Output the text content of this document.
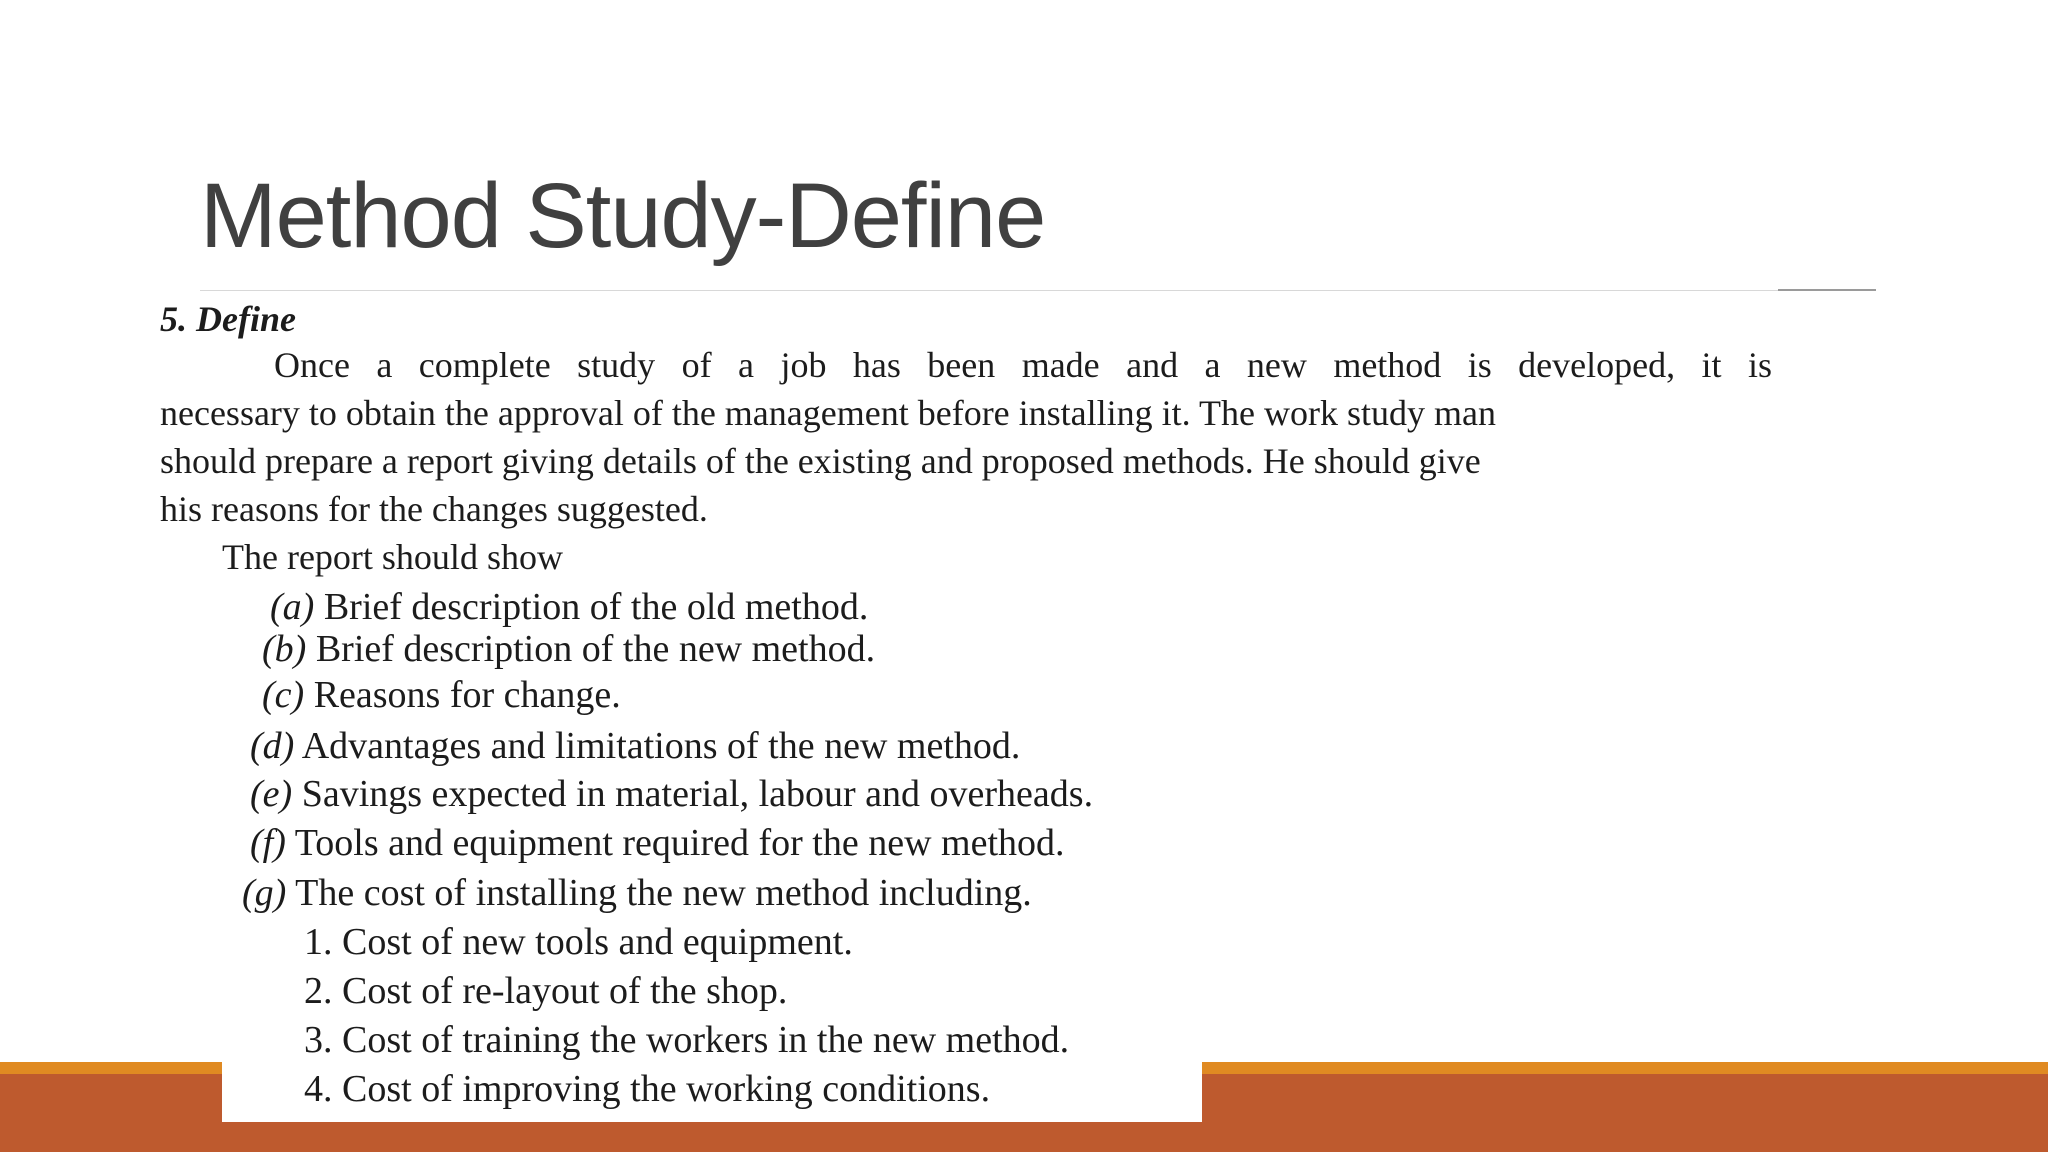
Method Study-Define
5. Define
Once a complete study of a job has been made and a new method is developed, it is
necessary to obtain the approval of the management before installing it. The work study man
should prepare a report giving details of the existing and proposed methods. He should give
his reasons for the changes suggested.
The report should show
(a) Brief description of the old method.
(b) Brief description of the new method.
(c) Reasons for change.
(d) Advantages and limitations of the new method.
(e) Savings expected in material, labour and overheads.
(f) Tools and equipment required for the new method.
(g) The cost of installing the new method including.
1. Cost of new tools and equipment.
2. Cost of re-layout of the shop.
3. Cost of training the workers in the new method.
4. Cost of improving the working conditions.
